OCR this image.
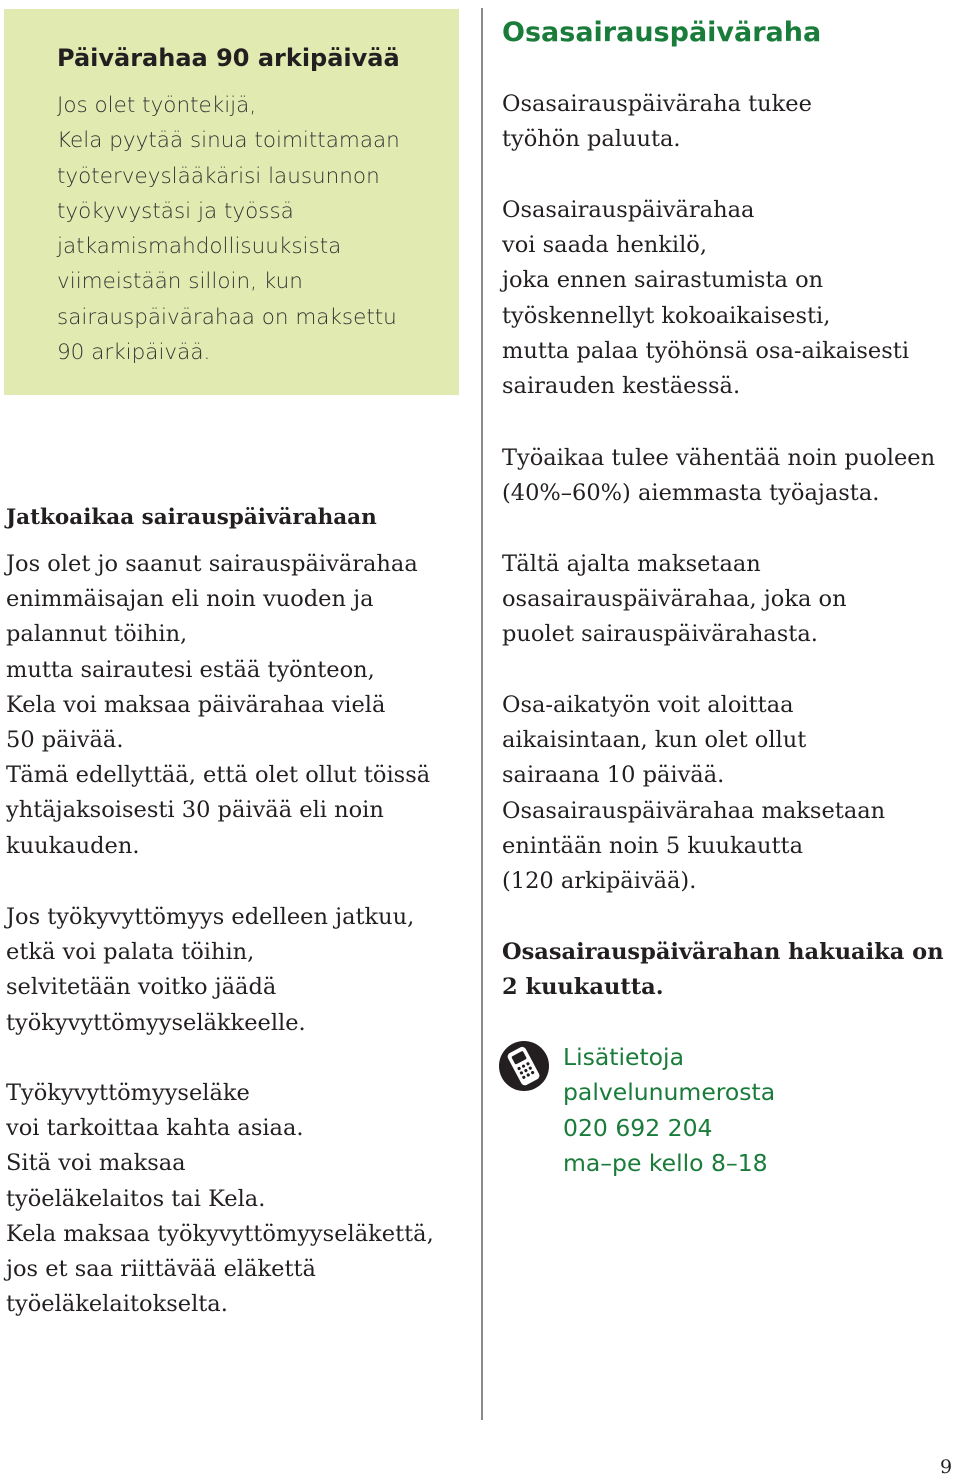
Päivärahaa 90 arkipäivää

Jos olet työntekijä,
Kela pyytää sinua toimittamaan
työterveyslääkärisi lausunnon
työkyvystäsi ja työssä
jatkamismahdollisuuksista
viimeistään silloin, kun
sairauspäivärahaa on maksettu
90 arkipäivää.

Jatkoaikaa sairauspäivärahaan

Jos olet jo saanut sairauspäivärahaa
enimmäisajan eli noin vuoden ja
palannut töihin,
mutta sairautesi estää työnteon,
Kela voi maksaa päivärahaa vielä
50 päivää.
Tämä edellyttää, että olet ollut töissä
yhtäjaksoisesti 30 päivää eli noin
kuukauden.

Jos työkyvyttömyys edelleen jatkuu,
etkä voi palata töihin,
selvitetään voitko jäädä
työkyvyttömyyseläkkeelle.

Työkyvyttömyyseläke
voi tarkoittaa kahta asiaa.
Sitä voi maksaa
työeläkelaitos tai Kela.
Kela maksaa työkyvyttömyyseläkettä,
jos et saa riittävää eläkettä
työeläkelaitokselta.

Osasairauspäiväraha

Osasairauspäiväraha tukee
työhön paluuta.

Osasairauspäivärahaa
voi saada henkilö,
joka ennen sairastumista on
työskennellyt kokoaikaisesti,
mutta palaa työhönsä osa-aikaisesti
sairauden kestäessä.

Työaikaa tulee vähentää noin puoleen
(40%–60%) aiemmasta työajasta.

Tältä ajalta maksetaan
osasairauspäivärahaa, joka on
puolet sairauspäivärahasta.

Osa-aikatyön voit aloittaa
aikaisintaan, kun olet ollut
sairaana 10 päivää.
Osasairauspäivärahaa maksetaan
enintään noin 5 kuukautta
(120 arkipäivää).

Osasairauspäivärahan hakuaika on
2 kuukautta.

Lisätietoja
palvelunumerosta
020 692 204
ma–pe kello 8–18

9
